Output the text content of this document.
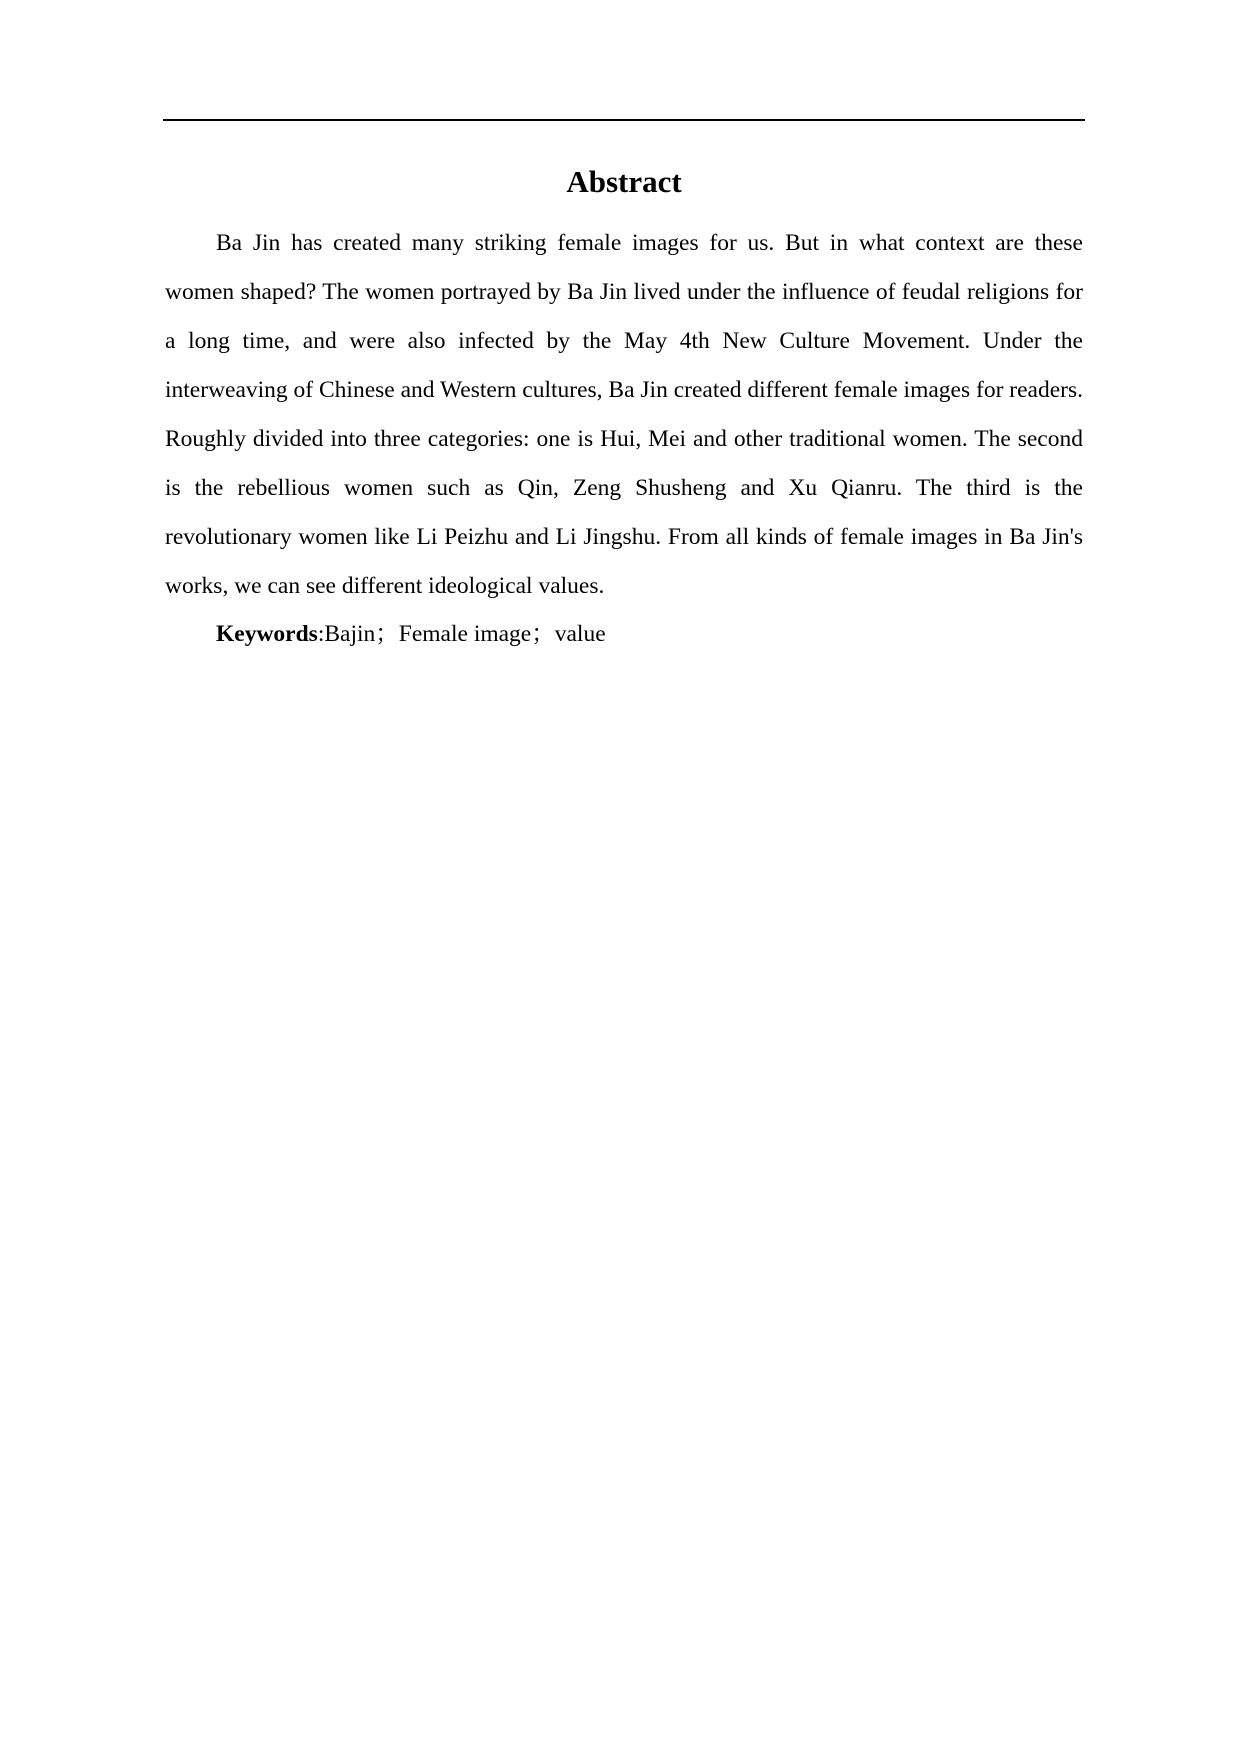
Abstract

Ba Jin has created many striking female images for us. But in what context are these women shaped? The women portrayed by Ba Jin lived under the influence of feudal religions for a long time, and were also infected by the May 4th New Culture Movement. Under the interweaving of Chinese and Western cultures, Ba Jin created different female images for readers. Roughly divided into three categories: one is Hui, Mei and other traditional women. The second is the rebellious women such as Qin, Zeng Shusheng and Xu Qianru. The third is the revolutionary women like Li Peizhu and Li Jingshu. From all kinds of female images in Ba Jin's works, we can see different ideological values.

Keywords:Bajin；Female image；value
